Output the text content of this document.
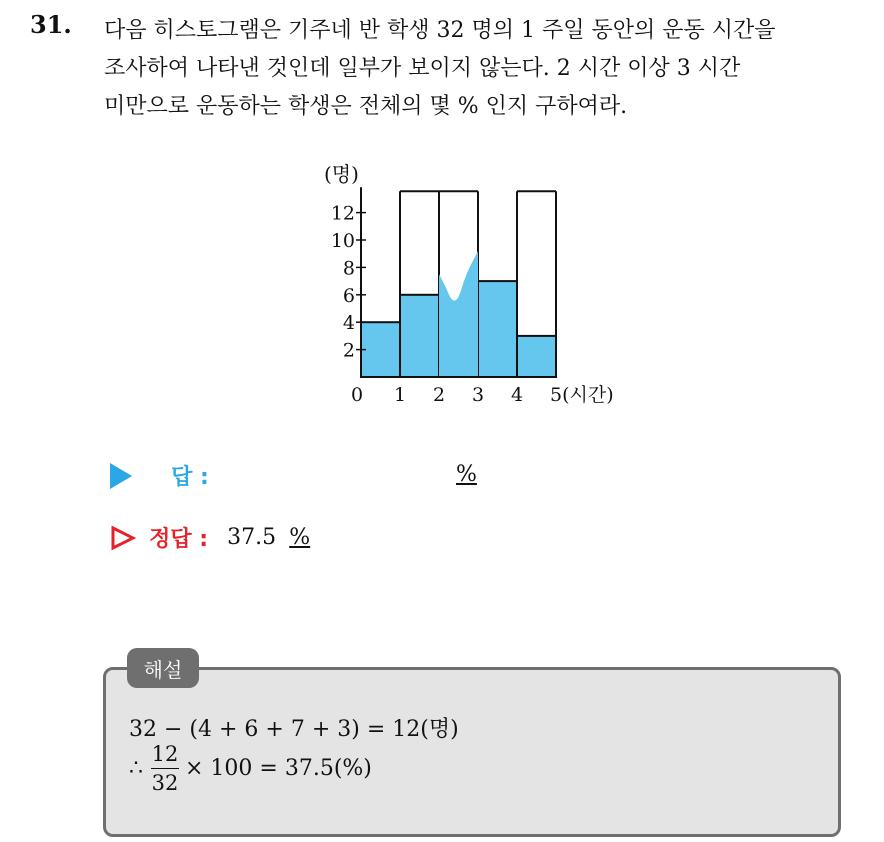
31. 다음 히스토그램은 기주네 반 학생 32 명의 1 주일 동안의 운동 시간을
조사하여 나타낸 것인데 일부가 보이지 않는다. 2 시간 이상 3 시간
미만으로 운동하는 학생은 전체의 몇 % 인지 구하여라.
2
4
6
8
10
12
(명)
0 1 2 3 4 5(시간)
답 :	%
정답 : 37.5 %
해설
32 − (4 + 6 + 7 + 3) = 12(명)
∴ $\frac{12}{32} \times 100 = 37.5(\%)$
